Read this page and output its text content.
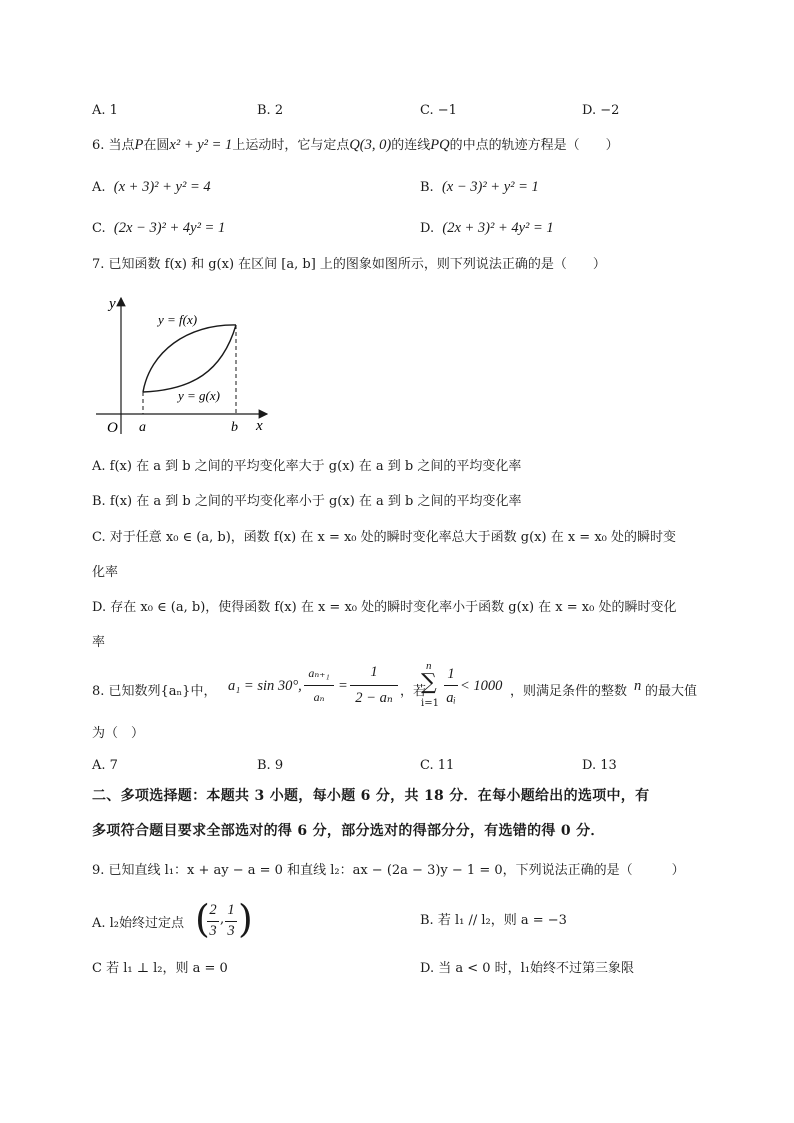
A. 1	B. 2	C. −1	D. −2
6. 当点P在圆x² + y² = 1上运动时，它与定点Q(3, 0)的连线PQ的中点的轨迹方程是（　　）
A. (x + 3)² + y² = 4	B. (x − 3)² + y² = 1
C. (2x − 3)² + 4y² = 1	D. (2x + 3)² + 4y² = 1
7. 已知函数 f(x) 和 g(x) 在区间 [a, b] 上的图象如图所示，则下列说法正确的是（　　）
y
x
O a	b
y = f(x)
y = g(x)
A. f(x) 在 a 到 b 之间的平均变化率大于 g(x) 在 a 到 b 之间的平均变化率
B. f(x) 在 a 到 b 之间的平均变化率小于 g(x) 在 a 到 b 之间的平均变化率
C. 对于任意 x₀ ∈ (a, b)，函数 f(x) 在 x = x₀ 处的瞬时变化率总大于函数 g(x) 在 x = x₀ 处的瞬时变
化率
D. 存在 x₀ ∈ (a, b)，使得函数 f(x) 在 x = x₀ 处的瞬时变化率小于函数 g(x) 在 x = x₀ 处的瞬时变化
率
8. 已知数列{aₙ}中， a₁ = sin 30°,
aₙ₊₁
aₙ
=
1
2 − aₙ ，若
n
∑
i=1
1
aᵢ
< 1000 ，则满足条件的整数 n 的最大值
为（　）
A. 7	B. 9	C. 11	D. 13
二、多项选择题：本题共 3 小题，每小题 6 分，共 18 分．在每小题给出的选项中，有
多项符合题目要求全部选对的得 6 分，部分选对的得部分分，有选错的得 0 分．
9. 已知直线 l₁：x + ay − a = 0 和直线 l₂：ax − (2a − 3)y − 1 = 0，下列说法正确的是（　　　）
A. l₂始终过定点 ( 2
3
,
1
3 )	B. 若 l₁ // l₂，则 a = −3
C 若 l₁ ⊥ l₂，则 a = 0	D. 当 a < 0 时，l₁始终不过第三象限
